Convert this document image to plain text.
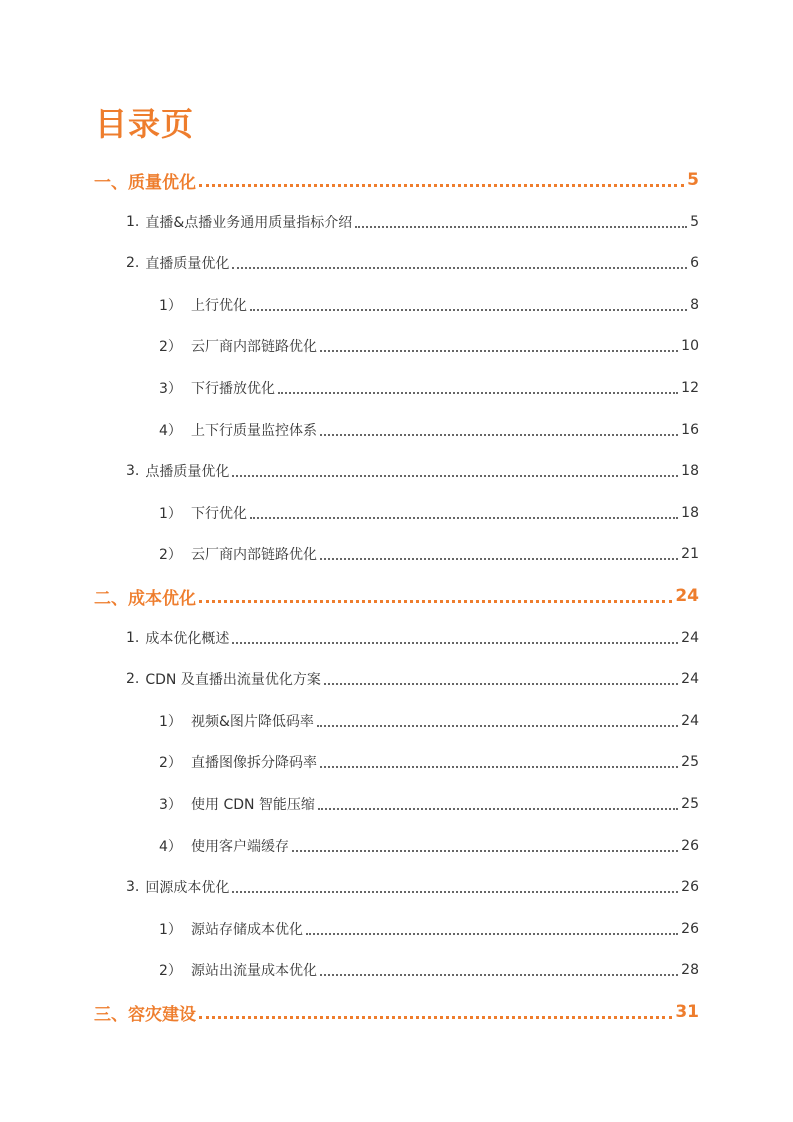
目录页
一、质量优化	5
1. 直播&点播业务通用质量指标介绍	5
2. 直播质量优化	6
1） 上行优化	8
2） 云厂商内部链路优化	10
3） 下行播放优化	12
4） 上下行质量监控体系	16
3. 点播质量优化	18
1） 下行优化	18
2） 云厂商内部链路优化	21
二、成本优化	24
1. 成本优化概述	24
2. CDN 及直播出流量优化方案	24
1） 视频&图片降低码率	24
2） 直播图像拆分降码率	25
3） 使用 CDN 智能压缩	25
4） 使用客户端缓存	26
3. 回源成本优化	26
1） 源站存储成本优化	26
2） 源站出流量成本优化	28
三、容灾建设	31
